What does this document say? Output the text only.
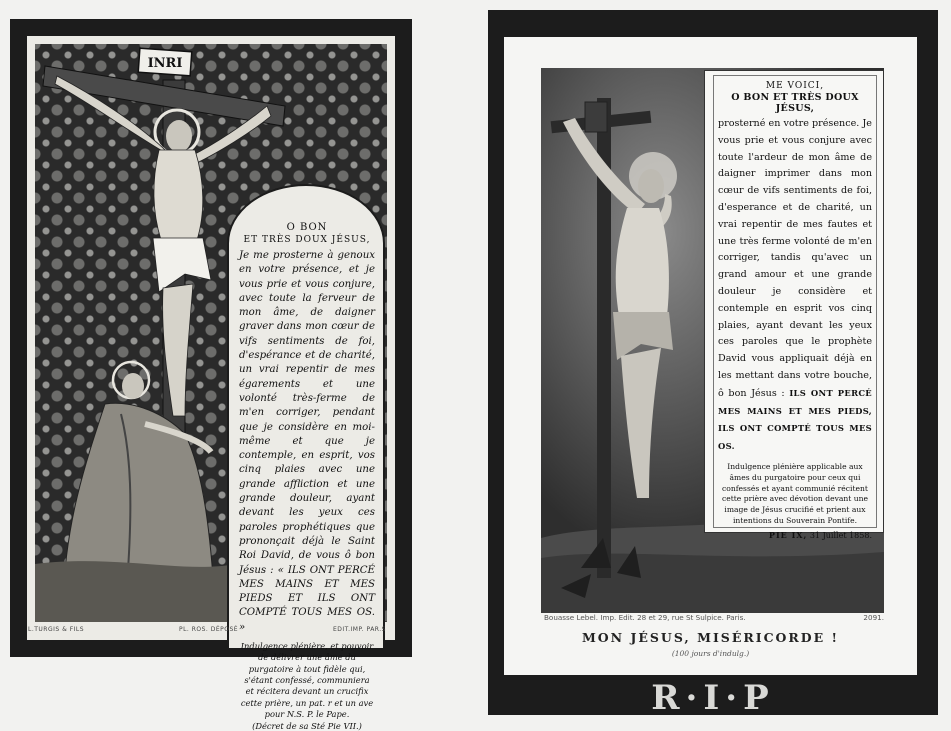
INRI

O BON

ET TRÈS DOUX JÉSUS,

Je me prosterne à genoux en votre présence, et je vous prie et vous conjure, avec toute la ferveur de mon âme, de daigner graver dans mon cœur de vifs sentiments de foi, d'espérance et de charité, un vrai repentir de mes égarements et une volonté très-ferme de m'en corriger, pendant que je considère en moi-même et que je contemple, en esprit, vos cinq plaies avec une grande affliction et une grande douleur, ayant devant les yeux ces paroles prophétiques que prononçait déjà le Saint Roi David, de vous ô bon Jésus : « ILS ONT PERCÉ MES MAINS ET MES PIEDS ET ILS ONT COMPTÉ TOUS MES OS. »

Indulgence plénière, et pouvoir de délivrer une âme du purgatoire à tout fidèle qui, s'étant confessé, communiera et récitera devant un crucifix cette prière, un pat. r et un ave pour N.S. P. le Pape.

(Décret de sa Sté Pie VII.)

L.TURGIS & FILS	PL. ROS. DÉPOSÉ	EDIT.IMP. PAR.S

ME VOICI,

O BON ET TRÈS DOUX JÉSUS,

prosterné en votre présence. Je vous prie et vous conjure avec toute l'ardeur de mon âme de daigner imprimer dans mon cœur de vifs sentiments de foi, d'esperance et de charité, un vrai repentir de mes fautes et une très ferme volonté de m'en corriger, tandis qu'avec un grand amour et une grande douleur je considère et contemple en esprit vos cinq plaies, ayant devant les yeux ces paroles que le prophète David vous appliquait déjà en les mettant dans votre bouche, ô bon Jésus : ILS ONT PERCÉ MES MAINS ET MES PIEDS, ILS ONT COMPTÉ TOUS MES OS.

Indulgence plénière applicable aux âmes du purgatoire pour ceux qui confessés et ayant communié récitent cette prière avec dévotion devant une image de Jésus crucifié et prient aux intentions du Souverain Pontife.

PIE IX, 31 Juillet 1858.

Bouasse Lebel. Imp. Edit. 28 et 29, rue St Sulpice. Paris.	2091.
MON JÉSUS, MISÉRICORDE !
(100 jours d'indulg.)
R·I·P
